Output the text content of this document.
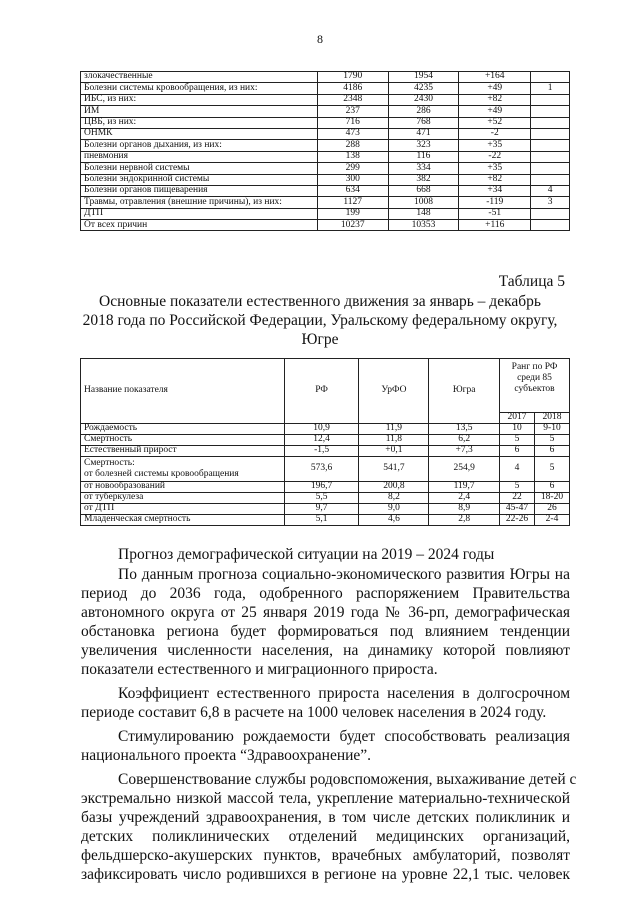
8
злокачественные	1790	1954	+164	
Болезни системы кровообращения, из них:	4186	4235	+49	1
ИБС, из них:	2348	2430	+82	
ИМ	237	286	+49	
ЦВБ, из них:	716	768	+52	
ОНМК	473	471	-2	
Болезни органов дыхания, из них:	288	323	+35	
пневмония	138	116	-22	
Болезни нервной системы	299	334	+35	
Болезни эндокринной системы	300	382	+82	
Болезни органов пищеварения	634	668	+34	4
Травмы, отравления (внешние причины), из них:	1127	1008	-119	3
ДТП	199	148	-51	
От всех причин	10237	10353	+116	
Таблица 5
Основные показатели естественного движения за январь – декабрь
2018 года по Российской Федерации, Уральскому федеральному округу,
Югре
Название показателя	РФ	УрФО	Югра	Ранг по РФ
среди 85
субъектов	

				2017	2018
Рождаемость	10,9	11,9	13,5	10	9-10
Смертность	12,4	11,8	6,2	5	5
Естественный прирост	-1,5	+0,1	+7,3	6	6

Смертность:
от болезней системы кровообращения	573,6	541,7	254,9	4	5
от новообразований	196,7	200,8	119,7	5	6
от туберкулеза	5,5	8,2	2,4	22	18-20
от ДТП	9,7	9,0	8,9	45-47	26
Младенческая смертность	5,1	4,6	2,8	22-26	2-4
Прогноз демографической ситуации на 2019 – 2024 годы
По данным прогноза социально-экономического развития Югры на
период до 2036 года, одобренного распоряжением Правительства
автономного округа от 25 января 2019 года № 36-рп, демографическая
обстановка региона будет формироваться под влиянием тенденции
увеличения численности населения, на динамику которой повлияют
показатели естественного и миграционного прироста.
Коэффициент естественного прироста населения в долгосрочном
периоде составит 6,8 в расчете на 1000 человек населения в 2024 году.
Стимулированию рождаемости будет способствовать реализация
национального проекта “Здравоохранение”.
Совершенствование службы родовспоможения, выхаживание детей с
экстремально низкой массой тела, укрепление материально-технической
базы учреждений здравоохранения, в том числе детских поликлиник и
детских поликлинических отделений медицинских организаций,
фельдшерско-акушерских пунктов, врачебных амбулаторий, позволят
зафиксировать число родившихся в регионе на уровне 22,1 тыс. человек
